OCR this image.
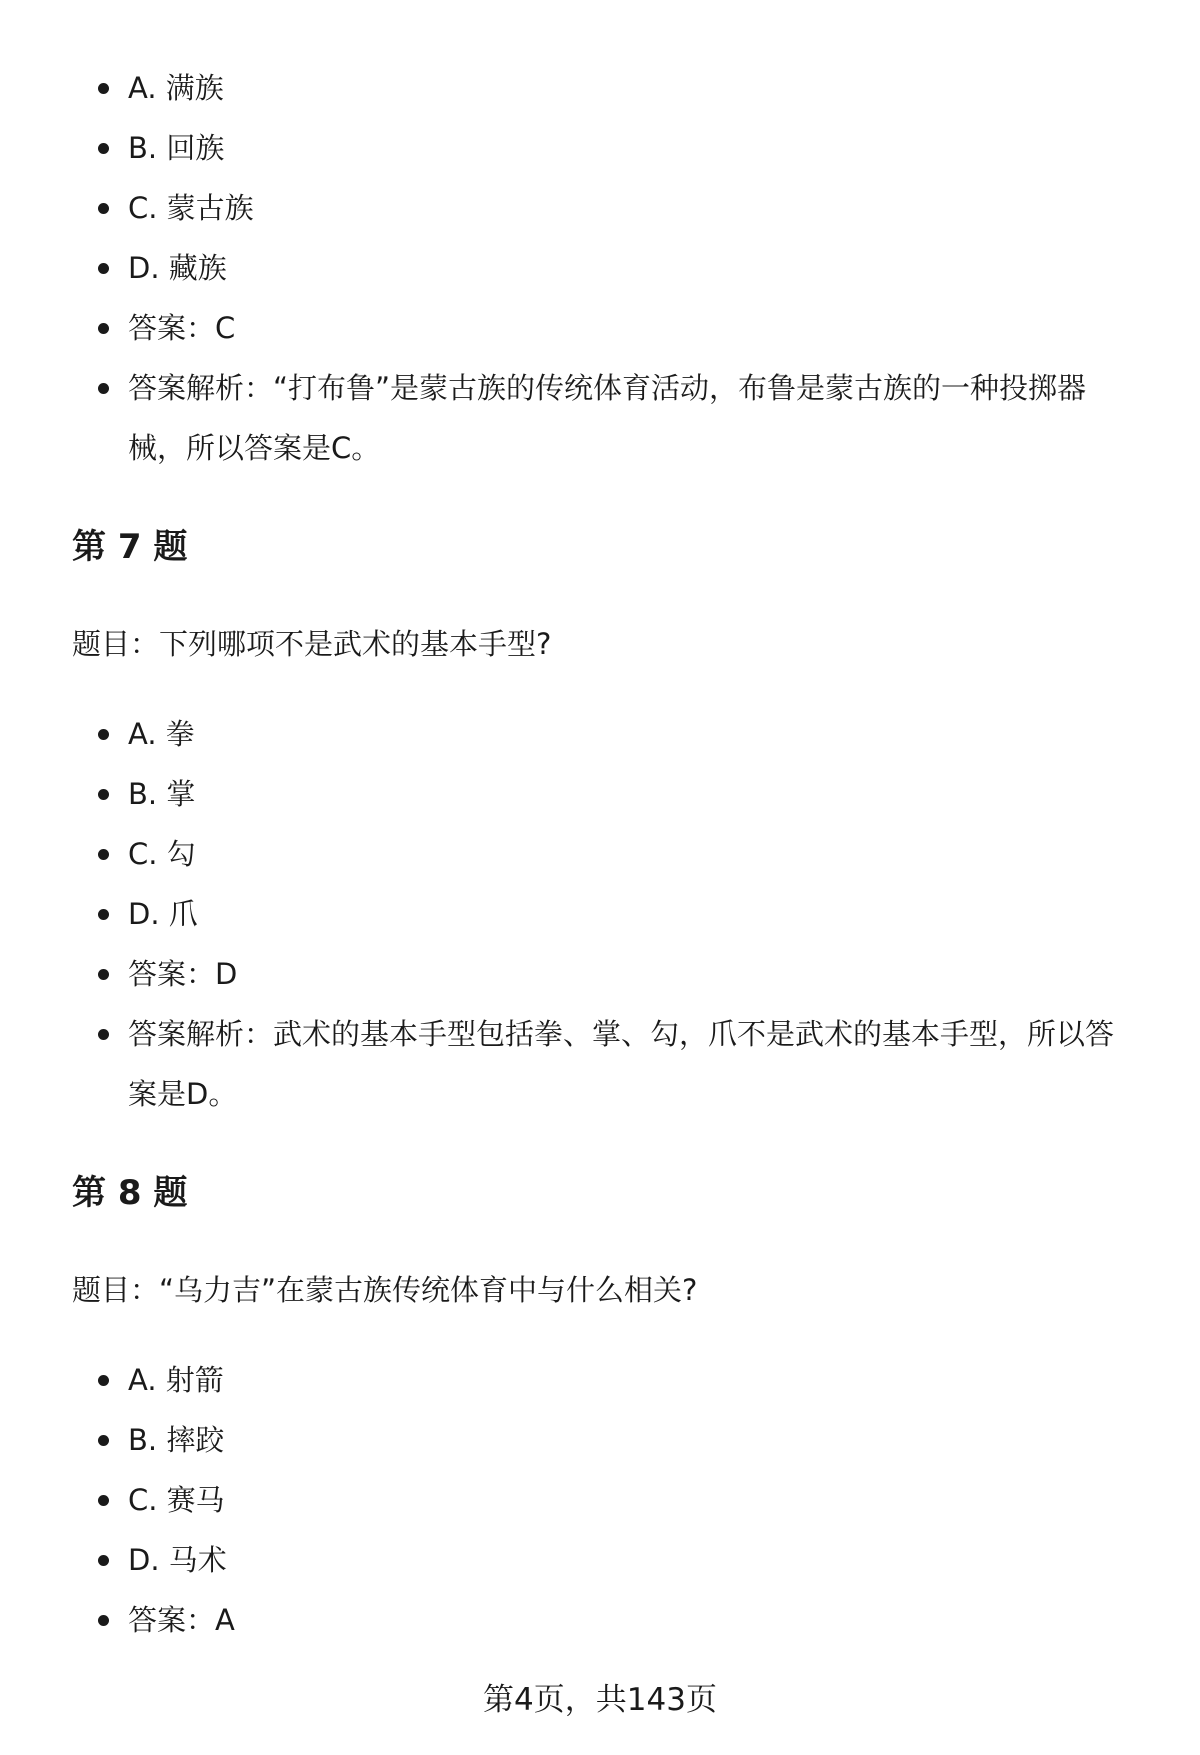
A. 满族
B. 回族
C. 蒙古族
D. 藏族
答案：C
答案解析：“打布鲁”是蒙古族的传统体育活动，布鲁是蒙古族的一种投掷器械，所以答案是C。
第 7 题
题目：下列哪项不是武术的基本手型?
A. 拳
B. 掌
C. 勾
D. 爪
答案：D
答案解析：武术的基本手型包括拳、掌、勾，爪不是武术的基本手型，所以答案是D。
第 8 题
题目：“乌力吉”在蒙古族传统体育中与什么相关?
A. 射箭
B. 摔跤
C. 赛马
D. 马术
答案：A
第4页，共143页
